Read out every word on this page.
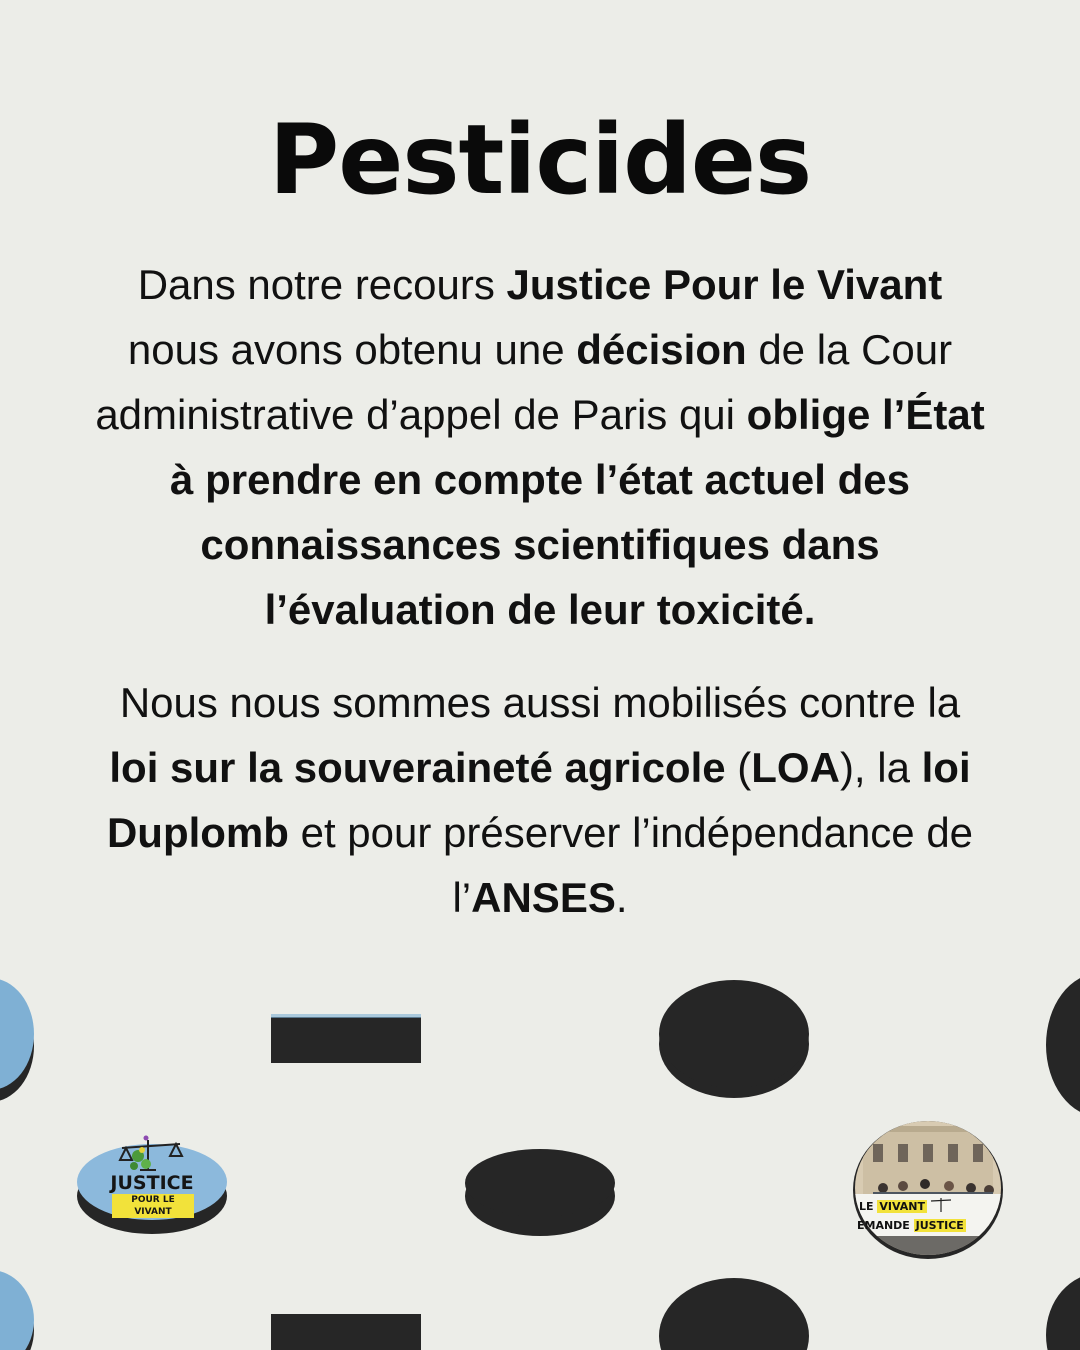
Pesticides

Dans notre recours Justice Pour le Vivant nous avons obtenu une décision de la Cour administrative d’appel de Paris qui oblige l’État à prendre en compte l’état actuel des connaissances scientifiques dans l’évaluation de leur toxicité.

Nous nous sommes aussi mobilisés contre la loi sur la souveraineté agricole (LOA), la loi Duplomb et pour préserver l’indépendance de l’ANSES.

JUSTICE
POUR LE VIVANT	LE VIVANT
EMANDE JUSTICE
